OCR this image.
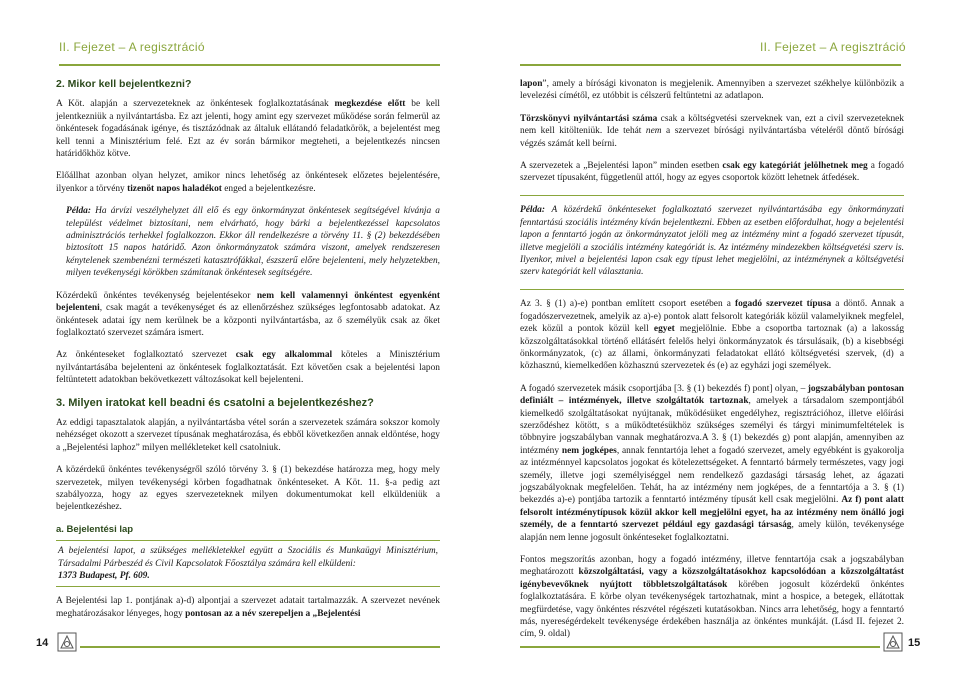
II. Fejezet – A regisztráció	II. Fejezet – A regisztráció
2. Mikor kell bejelentkezni?

A Köt. alapján a szervezeteknek az önkéntesek foglalkoztatásának megkezdése előtt be kell jelentkezniük a nyilvántartásba. Ez azt jelenti, hogy amint egy szervezet működése során felmerül az önkéntesek fogadásának igénye, és tisztázódnak az általuk ellátandó feladatkörök, a bejelentést meg kell tenni a Minisztérium felé. Ezt az év során bármikor megteheti, a bejelentkezés nincsen határidőkhöz kötve.

Előállhat azonban olyan helyzet, amikor nincs lehetőség az önkéntesek előzetes bejelentésére, ilyenkor a törvény tizenöt napos haladékot enged a bejelentkezésre.

Példa: Ha árvízi veszélyhelyzet áll elő és egy önkormányzat önkéntesek segítségével kívánja a települést védelmet biztosítani, nem elvárható, hogy bárki a bejelentkezéssel kapcsolatos adminisztrációs terhekkel foglalkozzon. Ekkor áll rendelkezésre a törvény 11. § (2) bekezdésében biztosított 15 napos határidő. Azon önkormányzatok számára viszont, amelyek rendszeresen kénytelenek szembenézni természeti katasztrófákkal, észszerű előre bejelenteni, mely helyzetekben, milyen tevékenységi körökben számítanak önkéntesek segítségére.

Közérdekű önkéntes tevékenység bejelentésekor nem kell valamennyi önkéntest egyenként bejelenteni, csak magát a tevékenységet és az ellenőrzéshez szükséges legfontosabb adatokat. Az önkéntesek adatai így nem kerülnek be a központi nyilvántartásba, az ő személyük csak az őket foglalkoztató szervezet számára ismert.

Az önkénteseket foglalkoztató szervezet csak egy alkalommal köteles a Minisztérium nyilvántartásába bejelenteni az önkéntesek foglalkoztatását. Ezt követően csak a bejelentési lapon feltüntetett adatokban bekövetkezett változásokat kell bejelenteni.

3. Milyen iratokat kell beadni és csatolni a bejelentkezéshez?

Az eddigi tapasztalatok alapján, a nyilvántartásba vétel során a szervezetek számára sokszor komoly nehézséget okozott a szervezet típusának meghatározása, és ebből következően annak eldöntése, hogy a „Bejelentési laphoz” milyen mellékleteket kell csatolniuk.

A közérdekű önkéntes tevékenységről szóló törvény 3. § (1) bekezdése határozza meg, hogy mely szervezetek, milyen tevékenységi körben fogadhatnak önkénteseket. A Köt. 11. §-a pedig azt szabályozza, hogy az egyes szervezeteknek milyen dokumentumokat kell elküldeniük a bejelentkezéshez.

a. Bejelentési lap
A bejelentési lapot, a szükséges mellékletekkel együtt a Szociális és Munkaügyi Minisztérium, Társadalmi Párbeszéd és Civil Kapcsolatok Főosztálya számára kell elküldeni:
1373 Budapest, Pf. 609.

A Bejelentési lap 1. pontjának a)-d) alpontjai a szervezet adatait tartalmazzák. A szervezet nevének meghatározásakor lényeges, hogy pontosan az a név szerepeljen a „Bejelentési

lapon”, amely a bírósági kivonaton is megjelenik. Amennyiben a szervezet székhelye különbözik a levelezési címétől, ez utóbbit is célszerű feltüntetni az adatlapon.

Törzskönyvi nyilvántartási száma csak a költségvetési szerveknek van, ezt a civil szervezeteknek nem kell kitölteniük. Ide tehát nem a szervezet bírósági nyilvántartásba vételéről döntő bírósági végzés számát kell beírni.

A szervezetek a „Bejelentési lapon” minden esetben csak egy kategóriát jelölhetnek meg a fogadó szervezet típusaként, függetlenül attól, hogy az egyes csoportok között lehetnek átfedések.

Példa: A közérdekű önkénteseket foglalkoztató szervezet nyilvántartásába egy önkormányzati fenntartású szociális intézmény kíván bejelentkezni. Ebben az esetben előfordulhat, hogy a bejelentési lapon a fenntartó jogán az önkormányzatot jelöli meg az intézmény mint a fogadó szervezet típusát, illetve megjelöli a szociális intézmény kategóriát is. Az intézmény mindezekben költségvetési szerv is. Ilyenkor, mivel a bejelentési lapon csak egy típust lehet megjelölni, az intézménynek a költségvetési szerv kategóriát kell választania.

Az 3. § (1) a)-e) pontban említett csoport esetében a fogadó szervezet típusa a döntő. Annak a fogadószervezetnek, amelyik az a)-e) pontok alatt felsorolt kategóriák közül valamelyiknek megfelel, ezek közül a pontok közül kell egyet megjelölnie. Ebbe a csoportba tartoznak (a) a lakosság közszolgáltatásokkal történő ellátásért felelős helyi önkormányzatok és társulásaik, (b) a kisebbségi önkormányzatok, (c) az állami, önkormányzati feladatokat ellátó költségvetési szervek, (d) a közhasznú, kiemelkedően közhasznú szervezetek és (e) az egyházi jogi személyek.

A fogadó szervezetek másik csoportjába [3. § (1) bekezdés f) pont] olyan, – jogszabályban pontosan definiált – intézmények, illetve szolgáltatók tartoznak, amelyek a társadalom szempontjából kiemelkedő szolgáltatásokat nyújtanak, működésüket engedélyhez, regisztrációhoz, illetve előírási szerződéshez kötött, s a működtetésükhöz szükséges személyi és tárgyi minimumfeltételek is többnyire jogszabályban vannak meghatározva.A 3. § (1) bekezdés g) pont alapján, amennyiben az intézmény nem jogképes, annak fenntartója lehet a fogadó szervezet, amely egyébként is gyakorolja az intézménnyel kapcsolatos jogokat és kötelezettségeket. A fenntartó bármely természetes, vagy jogi személy, illetve jogi személyiséggel nem rendelkező gazdasági társaság lehet, az ágazati jogszabályoknak megfelelően. Tehát, ha az intézmény nem jogképes, de a fenntartója a 3. § (1) bekezdés a)-e) pontjába tartozik a fenntartó intézmény típusát kell csak megjelölni. Az f) pont alatt felsorolt intézménytípusok közül akkor kell megjelölni egyet, ha az intézmény nem önálló jogi személy, de a fenntartó szervezet például egy gazdasági társaság, amely külön, tevékenysége alapján nem lenne jogosult önkénteseket foglalkoztatni.

Fontos megszorítás azonban, hogy a fogadó intézmény, illetve fenntartója csak a jogszabályban meghatározott közszolgáltatási, vagy a közszolgáltatásokhoz kapcsolódóan a közszolgáltatást igénybevevőknek nyújtott többletszolgáltatások körében jogosult közérdekű önkéntes foglalkoztatására. E körbe olyan tevékenységek tartozhatnak, mint a hospice, a betegek, ellátottak megfürdetése, vagy önkéntes részvétel régészeti kutatásokban. Nincs arra lehetőség, hogy a fenntartó más, nyereségérdekelt tevékenysége érdekében használja az önkéntes munkáját. (Lásd II. fejezet 2. cím, 9. oldal)

14	15
